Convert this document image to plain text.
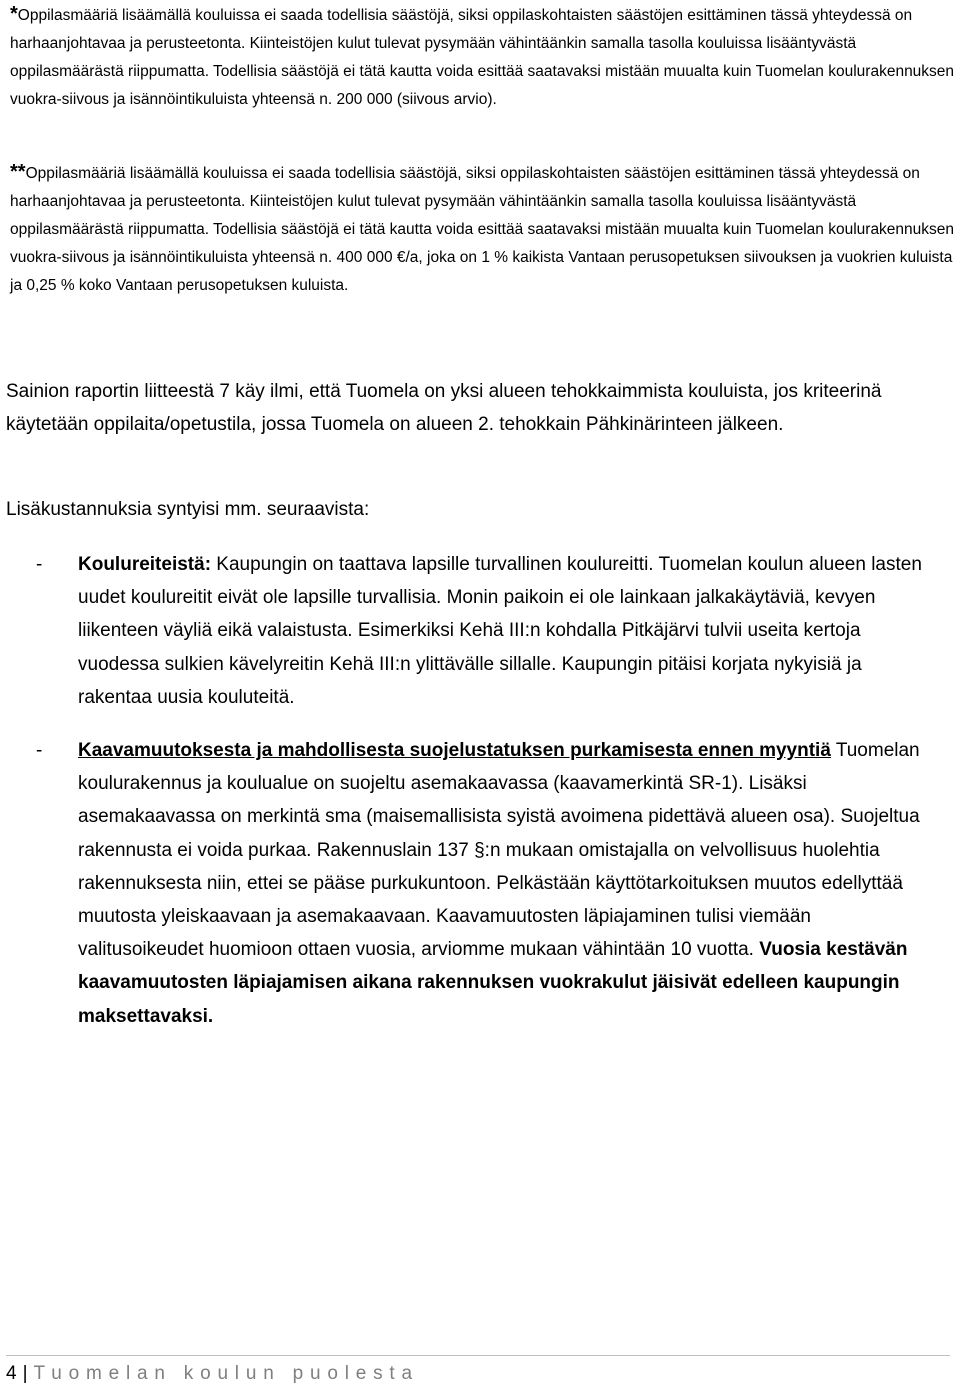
*Oppilasmääriä lisäämällä kouluissa ei saada todellisia säästöjä, siksi oppilaskohtaisten säästöjen esittäminen tässä yhteydessä on harhaanjohtavaa ja perusteetonta. Kiinteistöjen kulut tulevat pysymään vähintäänkin samalla tasolla kouluissa lisääntyvästä oppilasmäärästä riippumatta. Todellisia säästöjä ei tätä kautta voida esittää saatavaksi mistään muualta kuin Tuomelan koulurakennuksen vuokra-siivous ja isännöintikuluista yhteensä n. 200 000 (siivous arvio).

**Oppilasmääriä lisäämällä kouluissa ei saada todellisia säästöjä, siksi oppilaskohtaisten säästöjen esittäminen tässä yhteydessä on harhaanjohtavaa ja perusteetonta. Kiinteistöjen kulut tulevat pysymään vähintäänkin samalla tasolla kouluissa lisääntyvästä oppilasmäärästä riippumatta. Todellisia säästöjä ei tätä kautta voida esittää saatavaksi mistään muualta kuin Tuomelan koulurakennuksen vuokra-siivous ja isännöintikuluista yhteensä n. 400 000 €/a, joka on 1 % kaikista Vantaan perusopetuksen siivouksen ja vuokrien kuluista ja 0,25 % koko Vantaan perusopetuksen kuluista.

Sainion raportin liitteestä 7 käy ilmi, että Tuomela on yksi alueen tehokkaimmista kouluista, jos kriteerinä käytetään oppilaita/opetustila, jossa Tuomela on alueen 2. tehokkain Pähkinärinteen jälkeen.

Lisäkustannuksia syntyisi mm. seuraavista:

- Koulureiteistä: Kaupungin on taattava lapsille turvallinen koulureitti. Tuomelan koulun alueen lasten uudet koulureitit eivät ole lapsille turvallisia. Monin paikoin ei ole lainkaan jalkakäytäviä, kevyen liikenteen väyliä eikä valaistusta. Esimerkiksi Kehä III:n kohdalla Pitkäjärvi tulvii useita kertoja vuodessa sulkien kävelyreitin Kehä III:n ylittävälle sillalle. Kaupungin pitäisi korjata nykyisiä ja rakentaa uusia kouluteitä.
- Kaavamuutoksesta ja mahdollisesta suojelustatuksen purkamisesta ennen myyntiä Tuomelan koulurakennus ja koulualue on suojeltu asemakaavassa (kaavamerkintä SR-1). Lisäksi asemakaavassa on merkintä sma (maisemallisista syistä avoimena pidettävä alueen osa). Suojeltua rakennusta ei voida purkaa. Rakennuslain 137 §:n mukaan omistajalla on velvollisuus huolehtia rakennuksesta niin, ettei se pääse purkukuntoon. Pelkästään käyttötarkoituksen muutos edellyttää muutosta yleiskaavaan ja asemakaavaan. Kaavamuutosten läpiajaminen tulisi viemään valitusoikeudet huomioon ottaen vuosia, arviomme mukaan vähintään 10 vuotta. Vuosia kestävän kaavamuutosten läpiajamisen aikana rakennuksen vuokrakulut jäisivät edelleen kaupungin maksettavaksi.
4 | Tuomelan koulun puolesta
